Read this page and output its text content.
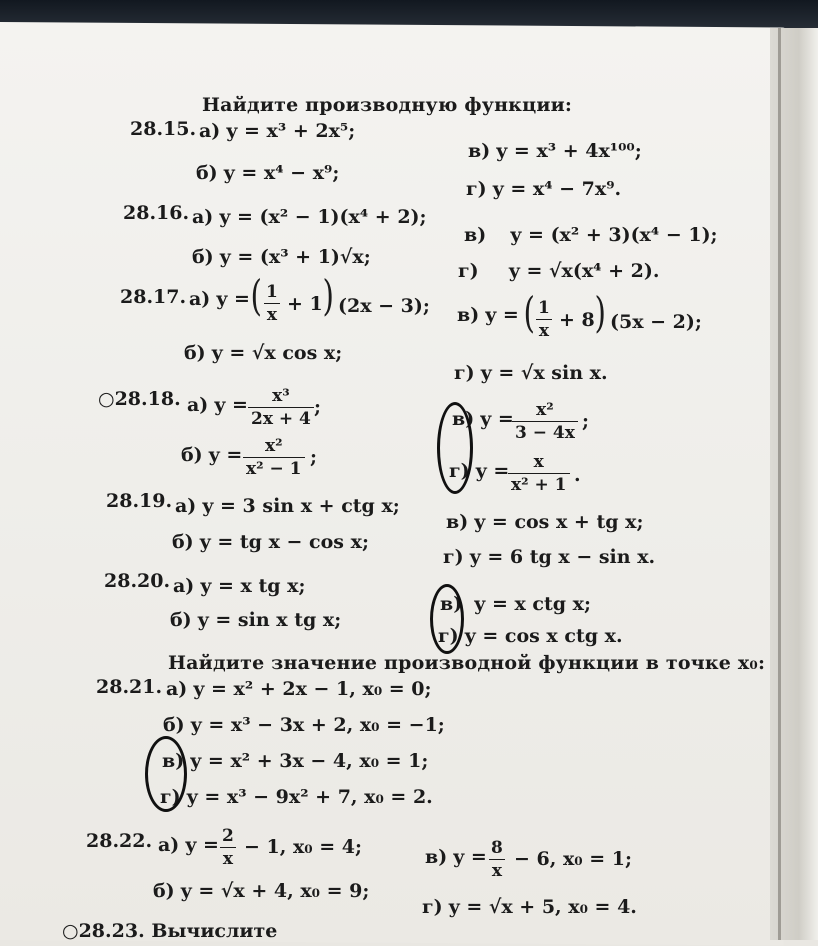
Найдите производную функции:
28.15. а) y = x³ + 2x⁵;
в) y = x³ + 4x¹⁰⁰;
б) y = x⁴ − x⁹;
г) y = x⁴ − 7x⁹.
28.16. а) y = (x² − 1)(x⁴ + 2);
в) y = (x² + 3)(x⁴ − 1);
б) y = (x³ + 1)√x;
г) y = √x(x⁴ + 2).
28.17. а) y = ( $\frac{1}{x} + 1$ ) (2x − 3); в) y = ( $\frac{1}{x} + 8$ ) (5x − 2);
б) y = √x cos x;
г) y = √x sin x.
○28.18. а) $y = \frac{\text{x³}}{2x + 4}$ ;
в) y =
$\frac{\text{x²}}{3 - 4x}$ ;
б) $y = \frac{\text{x²}}{\text{x² − 1}}$ ;
г) y =
$\frac{x}{\text{x² + 1}}$ .
28.19. а) y = 3 sin x + ctg x;
в) y = cos x + tg x;
б) y = tg x − cos x;
г) y = 6 tg x − sin x.
28.20. а) y = x tg x;
в) y = x ctg x;
б) y = sin x tg x;
г) y = cos x ctg x.
Найдите значение производной функции в точке x₀:
28.21. а) y = x² + 2x − 1, x₀ = 0;
б) y = x³ − 3x + 2, x₀ = −1;
в) y = x² + 3x − 4, x₀ = 1;
г) y = x³ − 9x² + 7, x₀ = 2.
28.22. а) $y = \frac{2}{x} - 1$, x₀ = 4;	в) $y = \frac{8}{x} - 6$, x₀ = 1;
б) y = √x + 4, x₀ = 9;
г) y = √x + 5, x₀ = 4.
○28.23. Вычислите
